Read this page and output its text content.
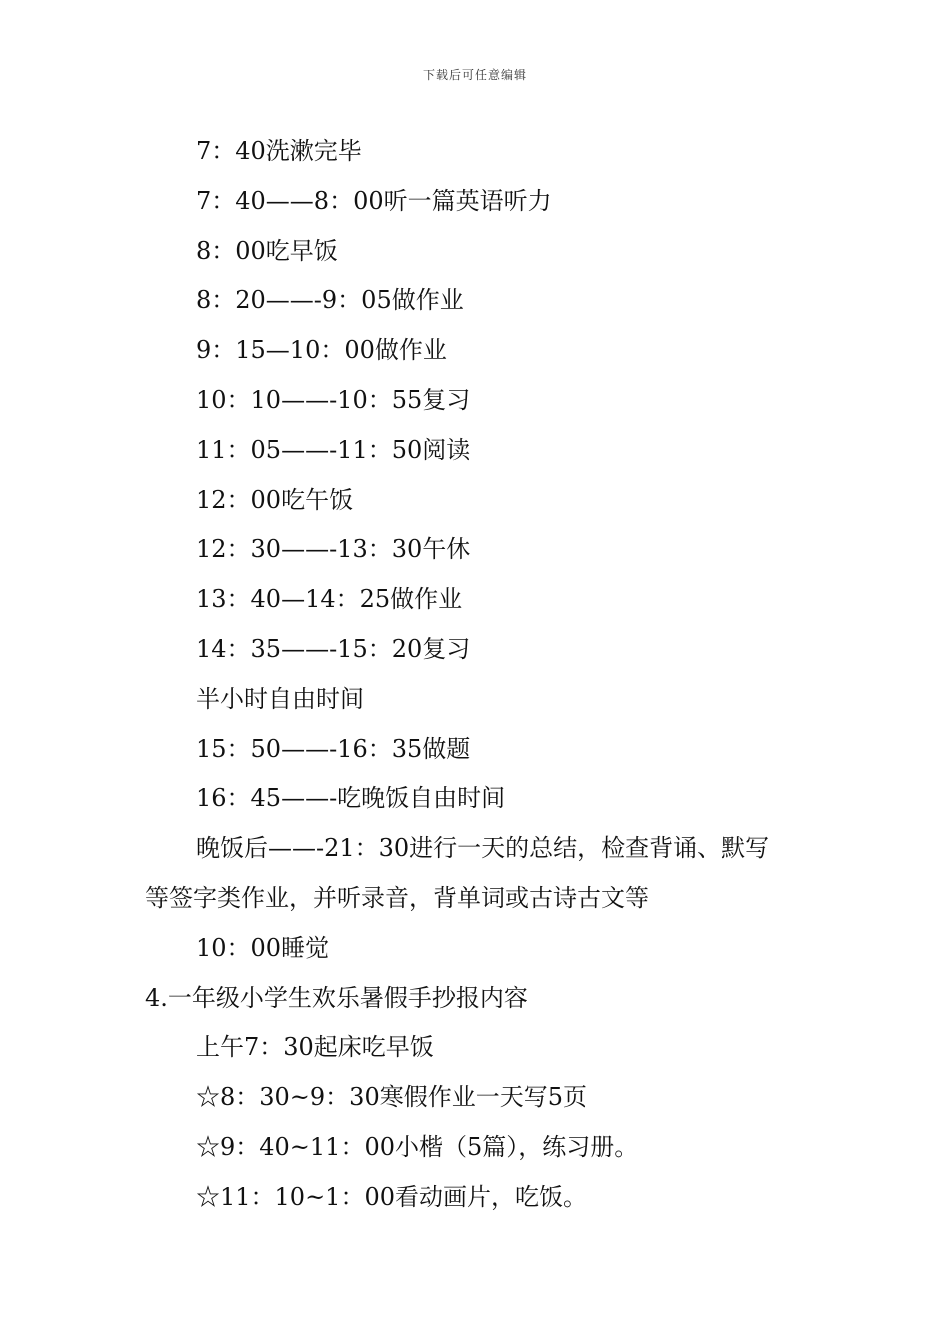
下载后可任意编辑

7：40洗漱完毕

7：40——8：00听一篇英语听力

8：00吃早饭

8：20——-9：05做作业

9：15—10：00做作业

10：10——-10：55复习

11：05——-11：50阅读

12：00吃午饭

12：30——-13：30午休

13：40—14：25做作业

14：35——-15：20复习

半小时自由时间

15：50——-16：35做题

16：45——-吃晚饭自由时间

晚饭后——-21：30进行一天的总结，检查背诵、默写

等签字类作业，并听录音，背单词或古诗古文等

10：00睡觉

4.一年级小学生欢乐暑假手抄报内容

上午7：30起床吃早饭

☆8：30~9：30寒假作业一天写5页

☆9：40~11：00小楷（5篇），练习册。

☆11：10~1：00看动画片，吃饭。
